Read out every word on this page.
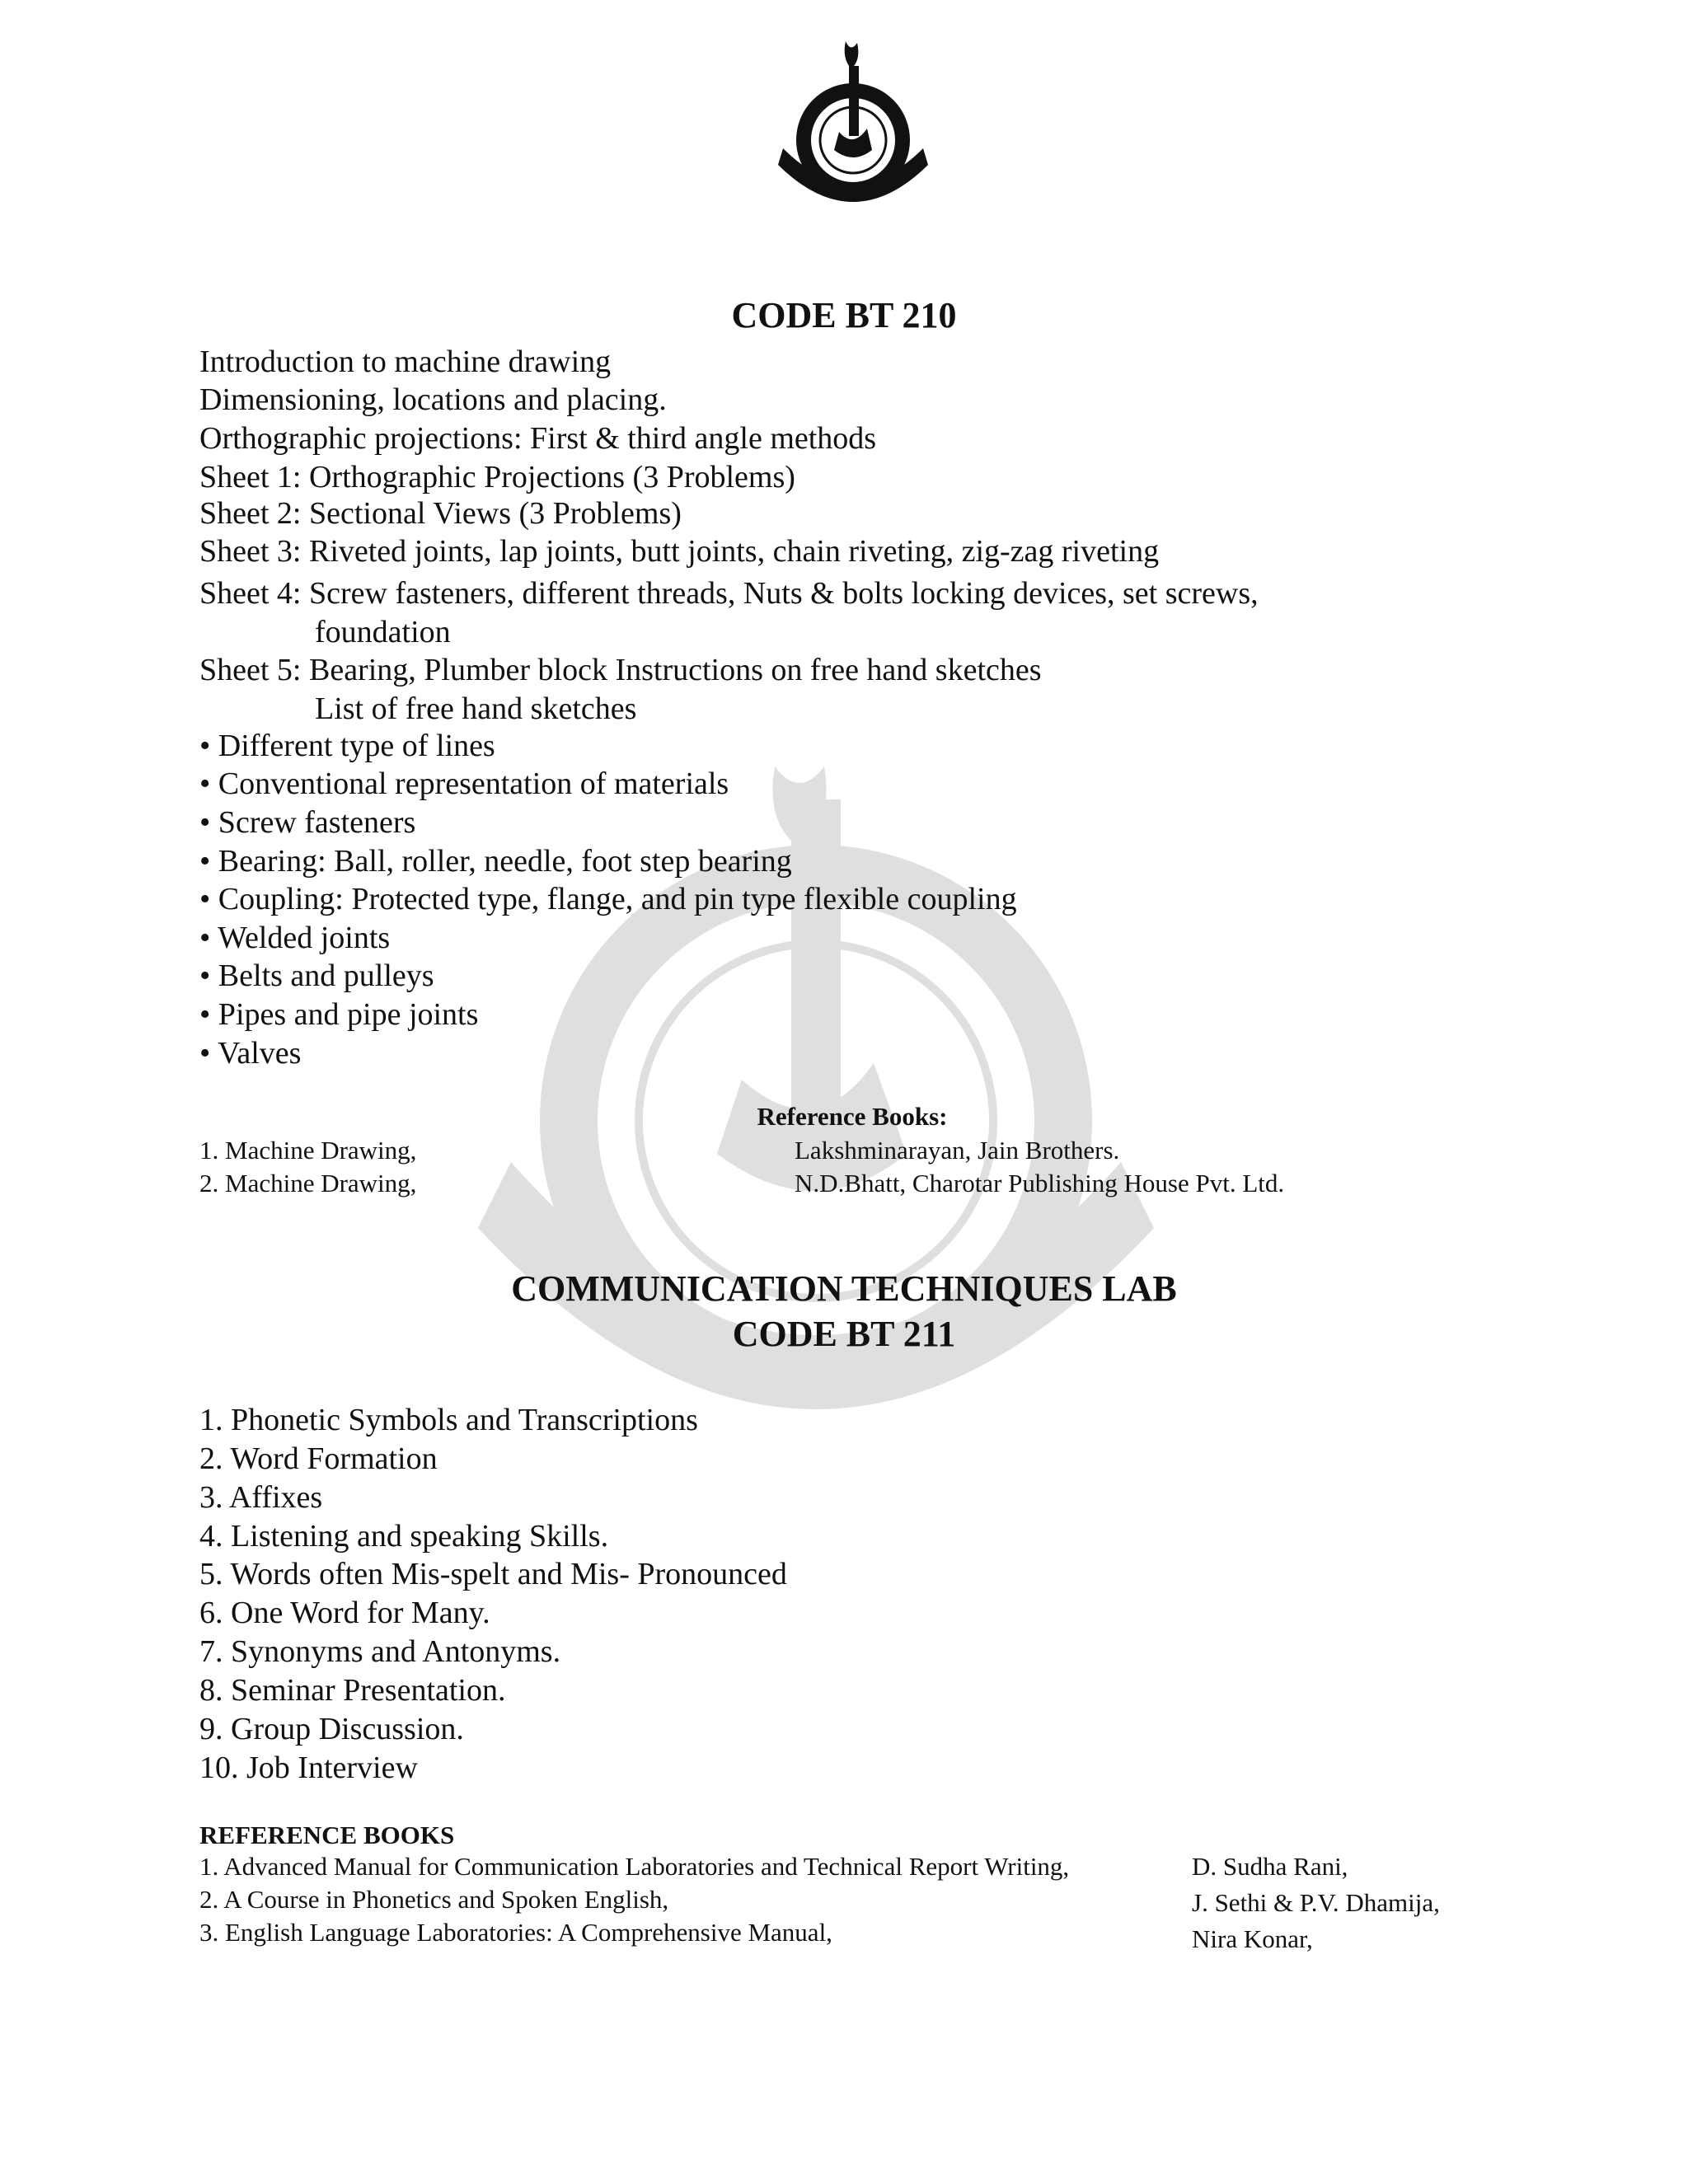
CODE BT 210
Introduction to machine drawing
Dimensioning, locations and placing.
Orthographic projections: First & third angle methods
Sheet 1: Orthographic Projections (3 Problems)
Sheet 2: Sectional Views (3 Problems)
Sheet 3: Riveted joints, lap joints, butt joints, chain riveting, zig-zag riveting
Sheet 4: Screw fasteners, different threads, Nuts & bolts locking devices, set screws,
foundation
Sheet 5: Bearing, Plumber block Instructions on free hand sketches
List of free hand sketches
• Different type of lines
• Conventional representation of materials
• Screw fasteners
• Bearing: Ball, roller, needle, foot step bearing
• Coupling: Protected type, flange, and pin type flexible coupling
• Welded joints
• Belts and pulleys
• Pipes and pipe joints
• Valves
Reference Books:
1. Machine Drawing,	Lakshminarayan, Jain Brothers.
2. Machine Drawing,	N.D.Bhatt, Charotar Publishing House Pvt. Ltd.
COMMUNICATION TECHNIQUES LAB
CODE BT 211
1. Phonetic Symbols and Transcriptions
2. Word Formation
3. Affixes
4. Listening and speaking Skills.
5. Words often Mis-spelt and Mis- Pronounced
6. One Word for Many.
7. Synonyms and Antonyms.
8. Seminar Presentation.
9. Group Discussion.
10. Job Interview
REFERENCE BOOKS
1. Advanced Manual for Communication Laboratories and Technical Report Writing,	D. Sudha Rani,
2. A Course in Phonetics and Spoken English,	J. Sethi & P.V. Dhamija,
3. English Language Laboratories: A Comprehensive Manual,	Nira Konar,
